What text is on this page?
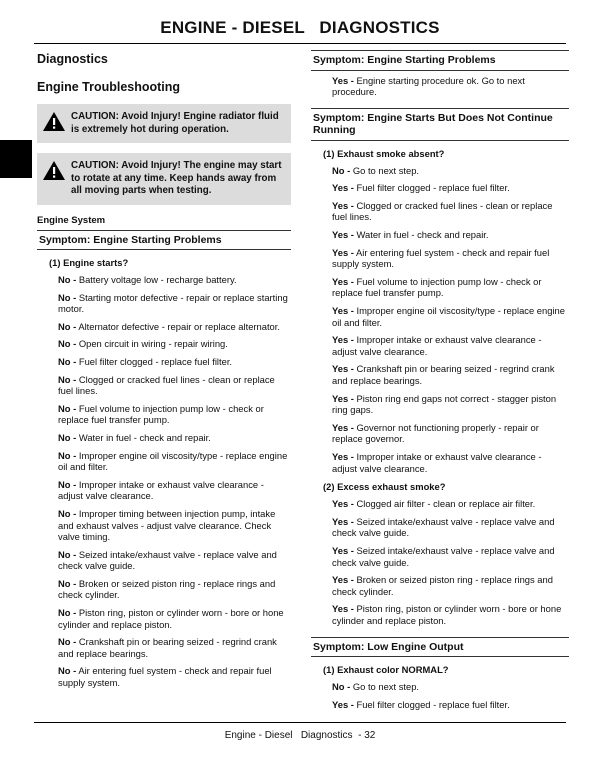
ENGINE - DIESEL   DIAGNOSTICS
Diagnostics
Engine Troubleshooting
CAUTION: Avoid Injury! Engine radiator fluid is extremely hot during operation.
CAUTION: Avoid Injury! The engine may start to rotate at any time. Keep hands away from all moving parts when testing.
Engine System
Symptom: Engine Starting Problems
(1) Engine starts?
No - Battery voltage low - recharge battery.
No - Starting motor defective - repair or replace starting motor.
No - Alternator defective - repair or replace alternator.
No - Open circuit in wiring - repair wiring.
No - Fuel filter clogged - replace fuel filter.
No - Clogged or cracked fuel lines - clean or replace fuel lines.
No - Fuel volume to injection pump low - check or replace fuel transfer pump.
No - Water in fuel - check and repair.
No - Improper engine oil viscosity/type - replace engine oil and filter.
No - Improper intake or exhaust valve clearance - adjust valve clearance.
No - Improper timing between injection pump, intake and exhaust valves - adjust valve clearance. Check valve timing.
No - Seized intake/exhaust valve - replace valve and check valve guide.
No - Broken or seized piston ring - replace rings and check cylinder.
No - Piston ring, piston or cylinder worn - bore or hone cylinder and replace piston.
No - Crankshaft pin or bearing seized - regrind crank and replace bearings.
No - Air entering fuel system - check and repair fuel supply system.
Symptom: Engine Starting Problems
Yes - Engine starting procedure ok. Go to next procedure.
Symptom: Engine Starts But Does Not Continue Running
(1) Exhaust smoke absent?
No - Go to next step.
Yes - Fuel filter clogged - replace fuel filter.
Yes - Clogged or cracked fuel lines - clean or replace fuel lines.
Yes - Water in fuel - check and repair.
Yes - Air entering fuel system - check and repair fuel supply system.
Yes - Fuel volume to injection pump low - check or replace fuel transfer pump.
Yes - Improper engine oil viscosity/type - replace engine oil and filter.
Yes - Improper intake or exhaust valve clearance - adjust valve clearance.
Yes - Crankshaft pin or bearing seized - regrind crank and replace bearings.
Yes - Piston ring end gaps not correct - stagger piston ring gaps.
Yes - Governor not functioning properly - repair or replace governor.
Yes - Improper intake or exhaust valve clearance - adjust valve clearance.
(2) Excess exhaust smoke?
Yes - Clogged air filter - clean or replace air filter.
Yes - Seized intake/exhaust valve - replace valve and check valve guide.
Yes - Seized intake/exhaust valve - replace valve and check valve guide.
Yes - Broken or seized piston ring - replace rings and check cylinder.
Yes - Piston ring, piston or cylinder worn - bore or hone cylinder and replace piston.
Symptom: Low Engine Output
(1) Exhaust color NORMAL?
No - Go to next step.
Yes - Fuel filter clogged - replace fuel filter.
Engine - Diesel   Diagnostics  - 32
